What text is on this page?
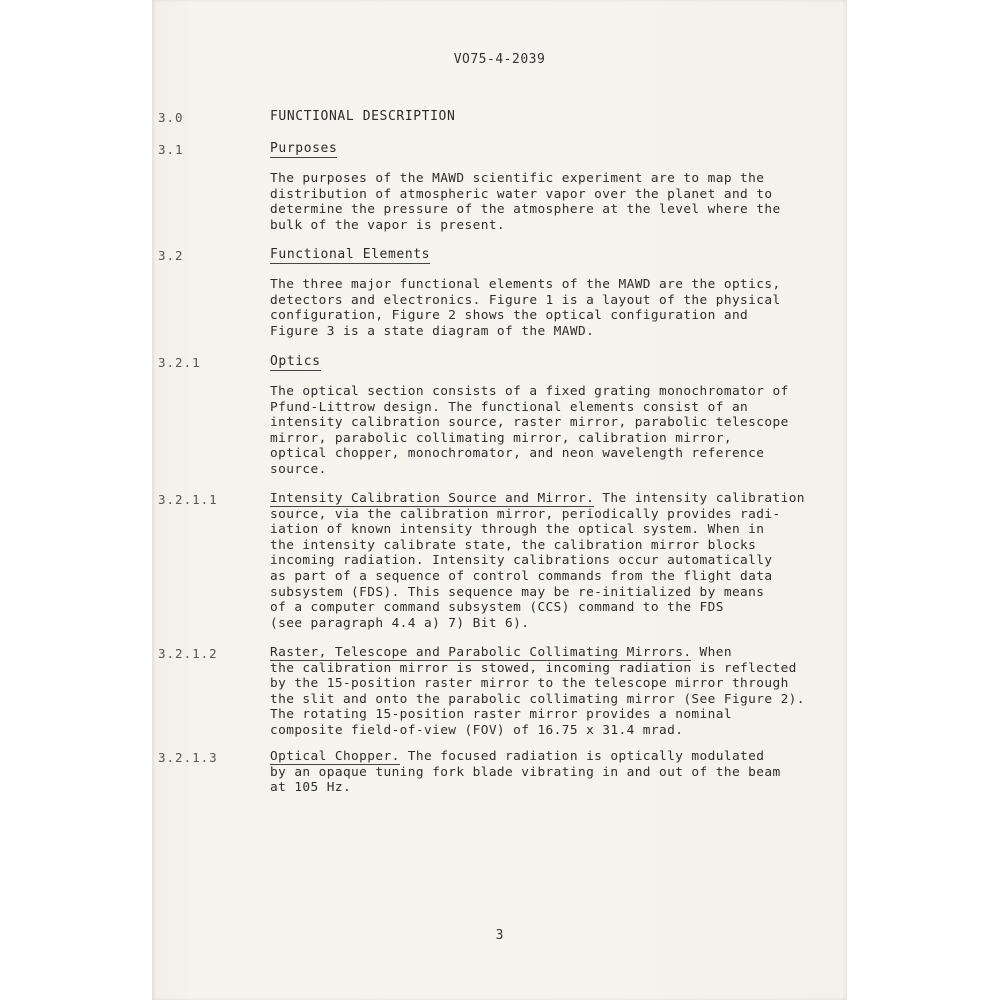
VO75-4-2039
3.0	FUNCTIONAL DESCRIPTION
3.1	Purposes
The purposes of the MAWD scientific experiment are to map the
distribution of atmospheric water vapor over the planet and to
determine the pressure of the atmosphere at the level where the
bulk of the vapor is present.
3.2	Functional Elements
The three major functional elements of the MAWD are the optics,
detectors and electronics. Figure 1 is a layout of the physical
configuration, Figure 2 shows the optical configuration and
Figure 3 is a state diagram of the MAWD.
3.2.1	Optics
The optical section consists of a fixed grating monochromator of
Pfund-Littrow design. The functional elements consist of an
intensity calibration source, raster mirror, parabolic telescope
mirror, parabolic collimating mirror, calibration mirror,
optical chopper, monochromator, and neon wavelength reference
source.
3.2.1.1	Intensity Calibration Source and Mirror. The intensity calibration
source, via the calibration mirror, periodically provides radi-
iation of known intensity through the optical system. When in
the intensity calibrate state, the calibration mirror blocks
incoming radiation. Intensity calibrations occur automatically
as part of a sequence of control commands from the flight data
subsystem (FDS). This sequence may be re-initialized by means
of a computer command subsystem (CCS) command to the FDS
(see paragraph 4.4 a) 7) Bit 6).
3.2.1.2	Raster, Telescope and Parabolic Collimating Mirrors. When
the calibration mirror is stowed, incoming radiation is reflected
by the 15-position raster mirror to the telescope mirror through
the slit and onto the parabolic collimating mirror (See Figure 2).
The rotating 15-position raster mirror provides a nominal
composite field-of-view (FOV) of 16.75 x 31.4 mrad.
3.2.1.3	Optical Chopper. The focused radiation is optically modulated
by an opaque tuning fork blade vibrating in and out of the beam
at 105 Hz.
3
